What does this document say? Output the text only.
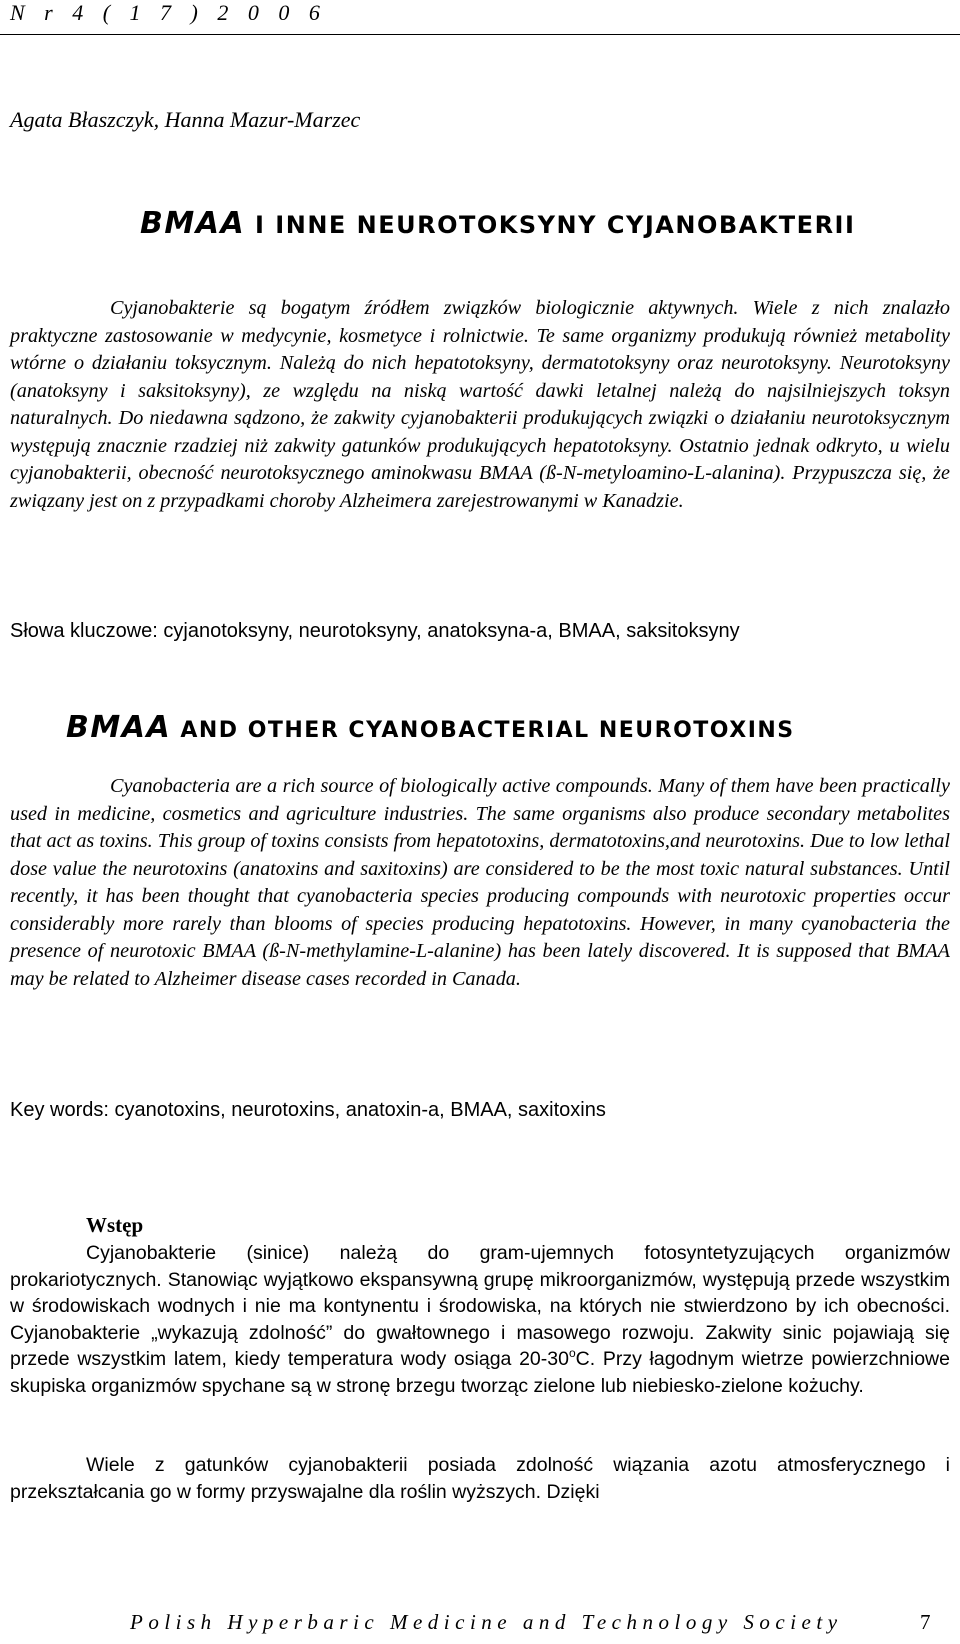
N r 4 ( 1 7 ) 2 0 0 6
Agata Błaszczyk, Hanna Mazur-Marzec
BMAA I INNE NEUROTOKSYNY CYJANOBAKTERII

Cyjanobakterie są bogatym źródłem związków biologicznie aktywnych. Wiele z nich znalazło praktyczne zastosowanie w medycynie, kosmetyce i rolnictwie. Te same organizmy produkują również metabolity wtórne o działaniu toksycznym. Należą do nich hepatotoksyny, dermatotoksyny oraz neurotoksyny. Neurotoksyny (anatoksyny i saksitoksyny), ze względu na niską wartość dawki letalnej należą do najsilniejszych toksyn naturalnych. Do niedawna sądzono, że zakwity cyjanobakterii produkujących związki o działaniu neurotoksycznym występują znacznie rzadziej niż zakwity gatunków produkujących hepatotoksyny. Ostatnio jednak odkryto, u wielu cyjanobakterii, obecność neurotoksycznego aminokwasu BMAA (ß-N-metyloamino-L-alanina). Przypuszcza się, że związany jest on z przypadkami choroby Alzheimera zarejestrowanymi w Kanadzie.

Słowa kluczowe: cyjanotoksyny, neurotoksyny, anatoksyna-a, BMAA, saksitoksyny
BMAA AND OTHER CYANOBACTERIAL NEUROTOXINS

Cyanobacteria are a rich source of biologically active compounds. Many of them have been practically used in medicine, cosmetics and agriculture industries. The same organisms also produce secondary metabolites that act as toxins. This group of toxins consists from hepatotoxins, dermatotoxins,and neurotoxins. Due to low lethal dose value the neurotoxins (anatoxins and saxitoxins) are considered to be the most toxic natural substances. Until recently, it has been thought that cyanobacteria species producing compounds with neurotoxic properties occur considerably more rarely than blooms of species producing hepatotoxins. However, in many cyanobacteria the presence of neurotoxic BMAA (ß-N-methylamine-L-alanine) has been lately discovered. It is supposed that BMAA may be related to Alzheimer disease cases recorded in Canada.

Key words: cyanotoxins, neurotoxins, anatoxin-a, BMAA, saxitoxins
Wstęp

Cyjanobakterie (sinice) należą do gram-ujemnych fotosyntetyzujących organizmów prokariotycznych. Stanowiąc wyjątkowo ekspansywną grupę mikroorganizmów, występują przede wszystkim w środowiskach wodnych i nie ma kontynentu i środowiska, na których nie stwierdzono by ich obecności. Cyjanobakterie „wykazują zdolność” do gwałtownego i masowego rozwoju. Zakwity sinic pojawiają się przede wszystkim latem, kiedy temperatura wody osiąga 20-30$^o$C. Przy łagodnym wietrze powierzchniowe skupiska organizmów spychane są w stronę brzegu tworząc zielone lub niebiesko-zielone kożuchy.

Wiele z gatunków cyjanobakterii posiada zdolność wiązania azotu atmosferycznego i przekształcania go w formy przyswajalne dla roślin wyższych. Dzięki

Polish Hyperbaric Medicine and Technology Society	7
